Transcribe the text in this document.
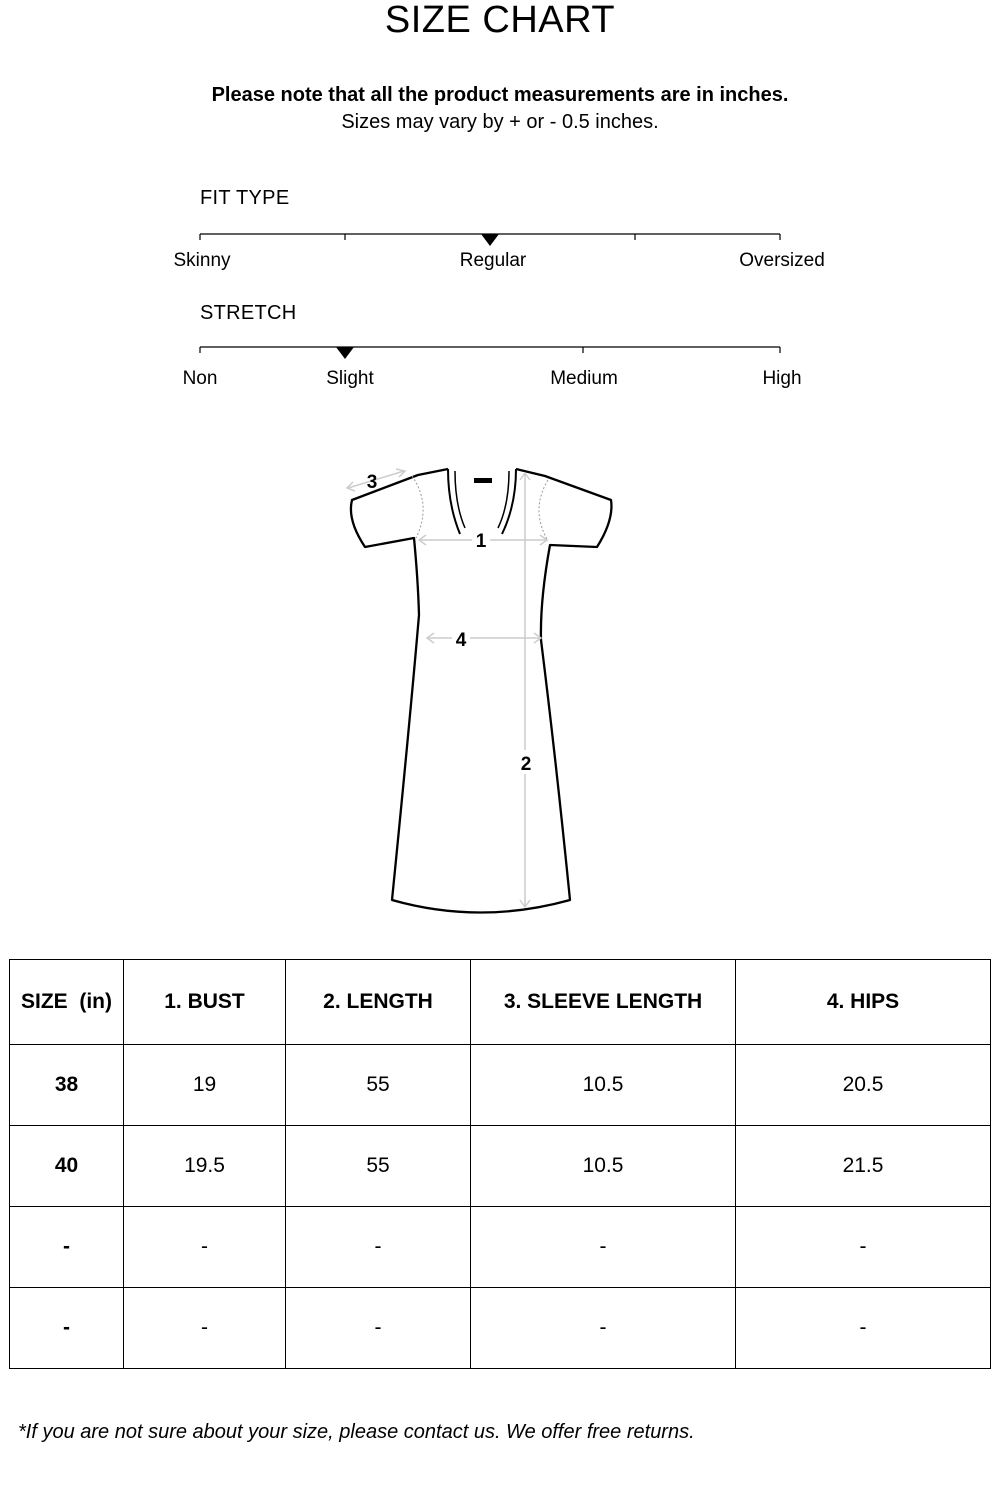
SIZE CHART
Please note that all the product measurements are in inches.
Sizes may vary by + or - 0.5 inches.
FIT TYPE
Skinny	Regular	Oversized
STRETCH
Non	Slight	Medium	High
1
2
3
4
SIZE  (in)	1. BUST	2. LENGTH	3. SLEEVE LENGTH	4. HIPS
38	19	55	10.5	20.5
40	19.5	55	10.5	21.5
-	-	-	-	-
-	-	-	-	-
*If you are not sure about your size, please contact us. We offer free returns.
